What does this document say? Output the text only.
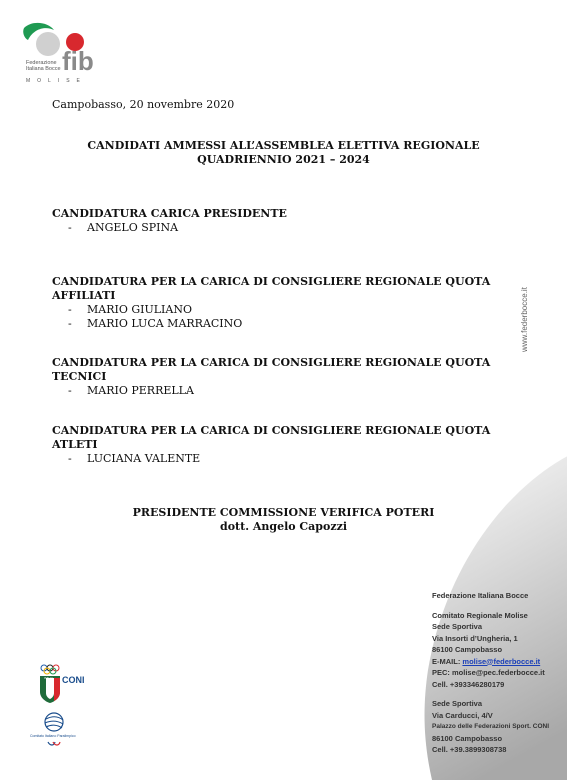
fib
Federazione
Italiana Bocce
MOLISE
Campobasso, 20 novembre 2020
CANDIDATI AMMESSI ALL’ASSEMBLEA ELETTIVA REGIONALE
QUADRIENNIO 2021 – 2024
CANDIDATURA CARICA PRESIDENTE
- ANGELO SPINA
CANDIDATURA PER LA CARICA DI CONSIGLIERE REGIONALE QUOTA AFFILIATI
- MARIO GIULIANO
- MARIO LUCA MARRACINO
CANDIDATURA PER LA CARICA DI CONSIGLIERE REGIONALE QUOTA TECNICI
- MARIO PERRELLA
CANDIDATURA PER LA CARICA DI CONSIGLIERE REGIONALE QUOTA ATLETI
- LUCIANA VALENTE
PRESIDENTE COMMISSIONE VERIFICA POTERI
dott. Angelo Capozzi
www.federbocce.it
Federazione Italiana Bocce
Comitato Regionale Molise
Sede Sportiva
Via Insorti d’Ungheria, 1
86100 Campobasso
E-MAIL: molise@federbocce.it
PEC: molise@pec.federbocce.it
Cell. +393346280179
Sede Sportiva
Via Carducci, 4/V
Palazzo delle Federazioni Sport. CONI
86100 Campobasso
Cell. +39.3899308738
ITALIA CONI
Comitato Italiano Paralimpico
